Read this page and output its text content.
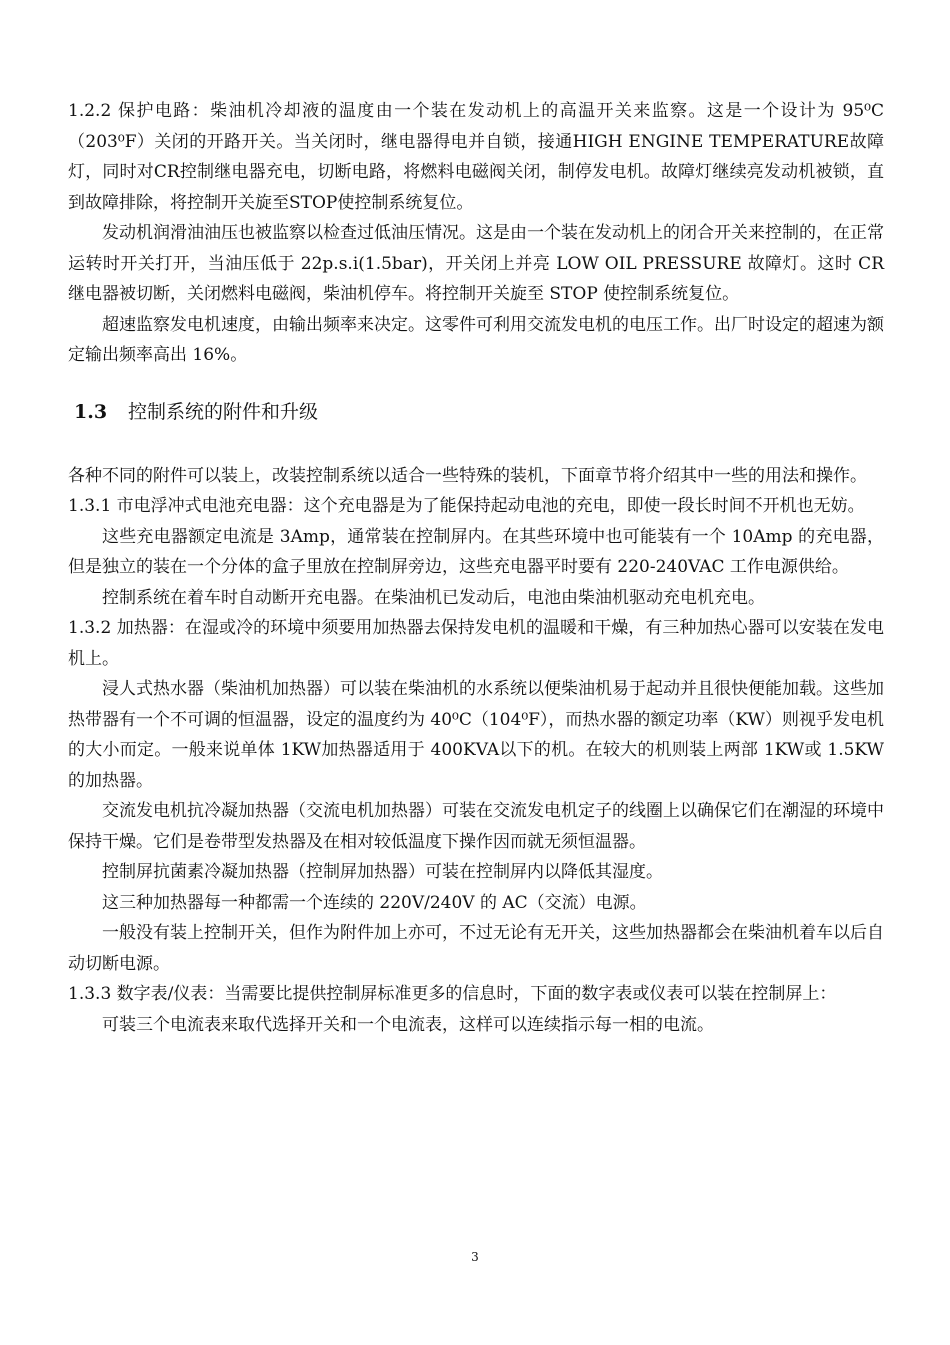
1.2.2 保护电路：柴油机冷却液的温度由一个装在发动机上的高温开关来监察。这是一个设计为 95⁰C（203⁰F）关闭的开路开关。当关闭时，继电器得电并自锁，接通HIGH ENGINE TEMPERATURE故障灯，同时对CR控制继电器充电，切断电路，将燃料电磁阀关闭，制停发电机。故障灯继续亮发动机被锁，直到故障排除，将控制开关旋至STOP使控制系统复位。

发动机润滑油油压也被监察以检查过低油压情况。这是由一个装在发动机上的闭合开关来控制的，在正常运转时开关打开，当油压低于 22p.s.i(1.5bar)，开关闭上并亮 LOW OIL PRESSURE 故障灯。这时 CR 继电器被切断，关闭燃料电磁阀，柴油机停车。将控制开关旋至 STOP 使控制系统复位。

超速监察发电机速度，由输出频率来决定。这零件可利用交流发电机的电压工作。出厂时设定的超速为额定输出频率高出 16%。

1.3 控制系统的附件和升级

各种不同的附件可以装上，改装控制系统以适合一些特殊的装机，下面章节将介绍其中一些的用法和操作。

1.3.1 市电浮冲式电池充电器：这个充电器是为了能保持起动电池的充电，即使一段长时间不开机也无妨。

这些充电器额定电流是 3Amp，通常装在控制屏内。在其些环境中也可能装有一个 10Amp 的充电器，但是独立的装在一个分体的盒子里放在控制屏旁边，这些充电器平时要有 220-240VAC 工作电源供给。

控制系统在着车时自动断开充电器。在柴油机已发动后，电池由柴油机驱动充电机充电。

1.3.2 加热器：在湿或冷的环境中须要用加热器去保持发电机的温暖和干燥，有三种加热心器可以安装在发电机上。

浸人式热水器（柴油机加热器）可以装在柴油机的水系统以便柴油机易于起动并且很快便能加载。这些加热带器有一个不可调的恒温器，设定的温度约为 40⁰C（104⁰F），而热水器的额定功率（KW）则视乎发电机的大小而定。一般来说单体 1KW加热器适用于 400KVA以下的机。在较大的机则装上两部 1KW或 1.5KW的加热器。

交流发电机抗冷凝加热器（交流电机加热器）可装在交流发电机定子的线圈上以确保它们在潮湿的环境中保持干燥。它们是卷带型发热器及在相对较低温度下操作因而就无须恒温器。

控制屏抗菌素冷凝加热器（控制屏加热器）可装在控制屏内以降低其湿度。

这三种加热器每一种都需一个连续的 220V/240V 的 AC（交流）电源。

一般没有装上控制开关，但作为附件加上亦可，不过无论有无开关，这些加热器都会在柴油机着车以后自动切断电源。

1.3.3 数字表/仪表：当需要比提供控制屏标准更多的信息时，下面的数字表或仪表可以装在控制屏上：

可装三个电流表来取代选择开关和一个电流表，这样可以连续指示每一相的电流。

3
